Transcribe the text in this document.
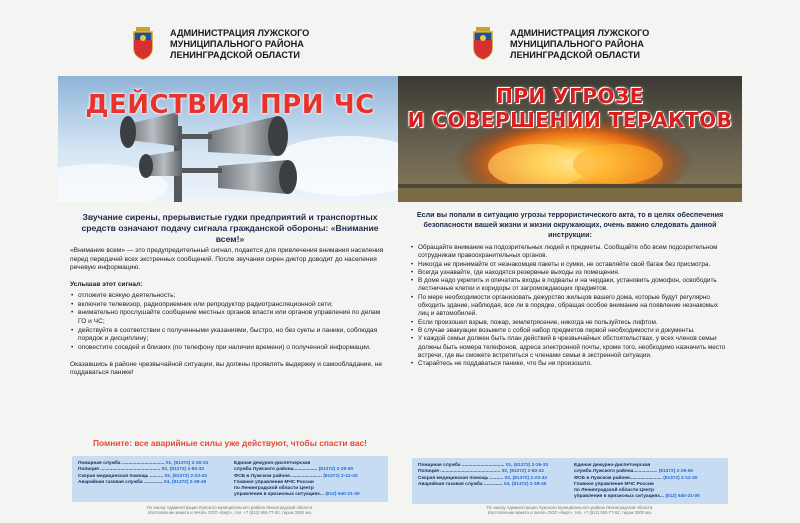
АДМИНИСТРАЦИЯ ЛУЖСКОГО
МУНИЦИПАЛЬНОГО РАЙОНА
ЛЕНИНГРАДСКОЙ ОБЛАСТИ
ДЕЙСТВИЯ ПРИ ЧС
Звучание сирены, прерывистые гудки предприятий и транспортных средств означают подачу сигнала гражданской обороны: «Внимание всем!»
«Внимание всем» — это предупредительный сигнал, подается для привлечения внимания населения перед передачей всех экстренных сообщений. После звучания сирен диктор доводит до населения речевую информацию.
Услышав этот сигнал:
• отложите всякую деятельность;
• включите телевизор, радиоприемник или репродуктор радиотрансляционной сети;
• внимательно прослушайте сообщение местных органов власти или органов управления по делам ГО и ЧС;
• действуйте в соответствии с полученными указаниями, быстро, но без суеты и паники, соблюдая порядок и дисциплину;
• оповестите соседей и близких (по телефону при наличии времени) о полученной информации.
Оказавшись в районе чрезвычайной ситуации, вы должны проявлять выдержку и самообладание, не поддаваться панике!
Помните: все аварийные силы уже действуют, чтобы спасти вас!
Пожарная служба ................................ 01, (81372) 2-26-33
Полиция ............................................. 02, (81372) 2-83-42
Скорая медицинская помощь .......... 03, (81372) 2-23-43
Аварийная газовая служба .............. 04, (81372) 2-38-45
Единая дежурно-диспетчерская
служба Лужского района.................. (81372) 2-29-50
ФСБ в Лужском районе........................ (81372) 2-12-20
Главное управление МЧС России
по Ленинградской области Центр
управления в кризисных ситуациях... (812) 640-21-00
По заказу Администрации Лужского муниципального района Ленинградской области.
Изготовление макета и печать ООО «Берг», тел. +7 (812) 953-77-52, тираж 2000 экз.
АДМИНИСТРАЦИЯ ЛУЖСКОГО
МУНИЦИПАЛЬНОГО РАЙОНА
ЛЕНИНГРАДСКОЙ ОБЛАСТИ
ПРИ УГРОЗЕ
И СОВЕРШЕНИИ ТЕРАКТОВ
Если вы попали в ситуацию угрозы террористического акта, то в целях обеспечения безопасности вашей жизни и жизни окружающих, очень важно следовать данной инструкции:
• Обращайте внимание на подозрительных людей и предметы. Сообщайте обо всем подозрительном сотрудникам правоохранительных органов.
• Никогда не принимайте от незнакомцев пакеты и сумки, не оставляйте свой багаж без присмотра.
• Всегда узнавайте, где находятся резервные выходы из помещения.
• В доме надо укрепить и опечатать входы в подвалы и на чердаки, установить домофон, освободить лестничные клетки и коридоры от загромождающих предметов.
• По мере необходимости организовать дежурство жильцов вашего дома, которые будут регулярно обходить здание, наблюдая, все ли в порядке, обращая особое внимание на появление незнакомых лиц и автомобилей.
• Если произошел взрыв, пожар, землетрясение, никогда не пользуйтесь лифтом.
• В случае эвакуации возьмите с собой набор предметов первой необходимости и документы.
• У каждой семьи должен быть план действий в чрезвычайных обстоятельствах, у всех членов семьи должны быть номера телефонов, адреса электронной почты, кроме того, необходимо назначить место встречи, где вы сможете встретиться с членами семьи в экстренной ситуации.
• Старайтесь не поддаваться панике, что бы ни произошло.
Пожарная служба ................................ 01, (81372) 2-26-33
Полиция ............................................. 02, (81372) 2-83-42
Скорая медицинская помощь .......... 03, (81372) 2-23-43
Аварийная газовая служба .............. 04, (81372) 2-38-45
Единая дежурно-диспетчерская
служба Лужского района.................. (81372) 2-29-50
ФСБ в Лужском районе........................ (81372) 2-12-20
Главное управление МЧС России
по Ленинградской области Центр
управления в кризисных ситуациях... (812) 640-21-00
По заказу Администрации Лужского муниципального района Ленинградской области.
Изготовление макета и печать ООО «Берг», тел. +7 (812) 953-77-52, тираж 2000 экз.
